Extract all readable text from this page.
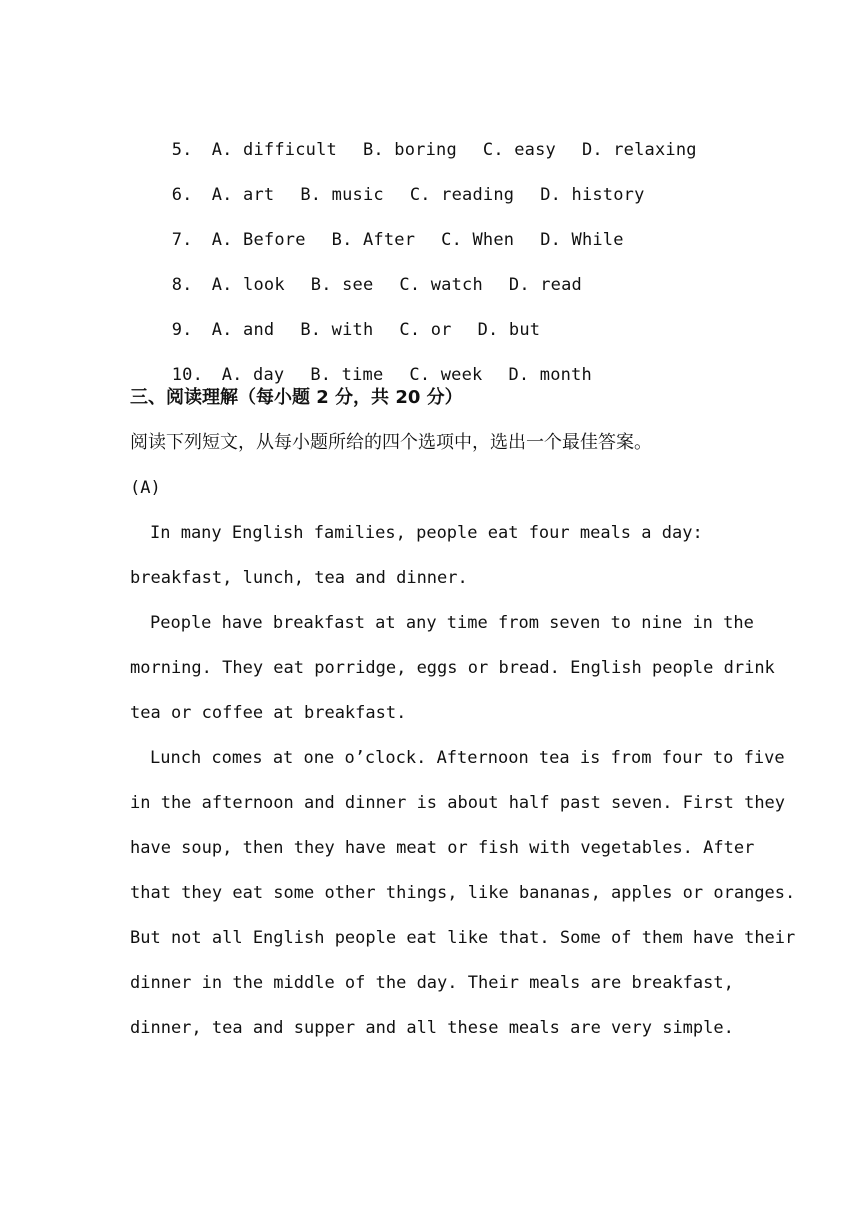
5. A. difficult B. boring C. easy D. relaxing

6. A. art B. music C. reading D. history

7. A. Before B. After C. When D. While

8. A. look B. see C. watch D. read

9. A. and B. with C. or D. but

10. A. day B. time C. week D. month

三、阅读理解（每小题 2 分，共 20 分）
阅读下列短文，从每小题所给的四个选项中，选出一个最佳答案。
(A)
In many English families, people eat four meals a day:
breakfast, lunch, tea and dinner.
People have breakfast at any time from seven to nine in the
morning. They eat porridge, eggs or bread. English people drink
tea or coffee at breakfast.
Lunch comes at one o’clock. Afternoon tea is from four to five
in the afternoon and dinner is about half past seven. First they
have soup, then they have meat or fish with vegetables. After
that they eat some other things, like bananas, apples or oranges.
But not all English people eat like that. Some of them have their
dinner in the middle of the day. Their meals are breakfast,
dinner, tea and supper and all these meals are very simple.
